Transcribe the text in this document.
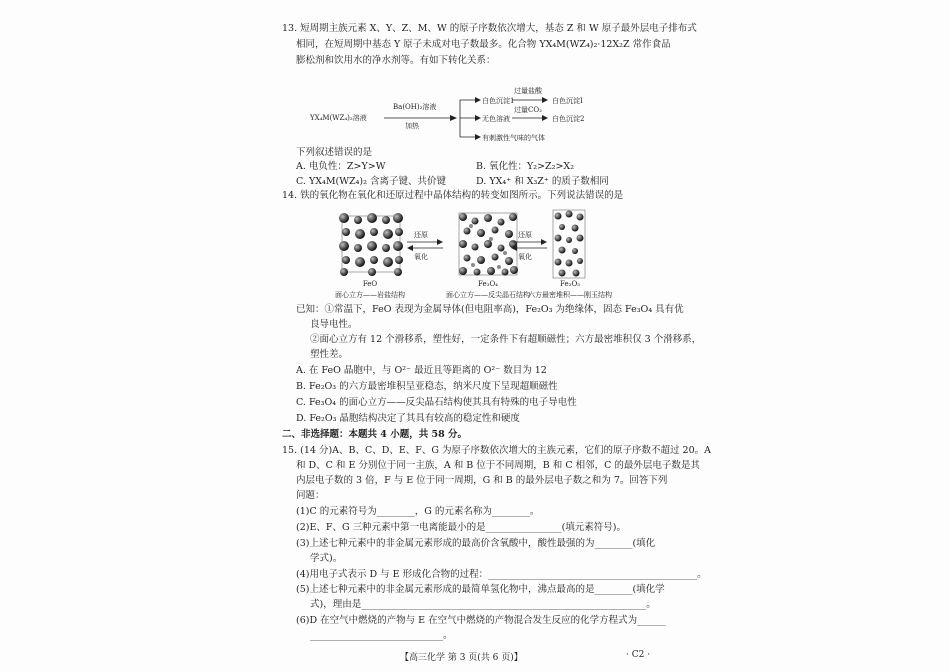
13. 短周期主族元素 X、Y、Z、M、W 的原子序数依次增大，基态 Z 和 W 原子最外层电子排布式
相同，在短周期中基态 Y 原子未成对电子数最多。化合物 YX₄M(WZ₄)₂·12X₂Z 常作食品
膨松剂和饮用水的净水剂等。有如下转化关系：
YX₄M(WZ₄)₂溶液
Ba(OH)₂溶液
加热
白色沉淀1
无色溶液
有刺激性气味的气体
过量盐酸
过量CO₂
白色沉淀Ⅰ
白色沉淀2
下列叙述错误的是
A. 电负性：Z>Y>W	B. 氧化性：Y₂>Z₂>X₂
C. YX₄M(WZ₄)₂ 含离子键、共价键	D. YX₄⁺ 和 X₃Z⁺ 的质子数相同
14. 铁的氧化物在氧化和还原过程中晶体结构的转变如图所示。下列说法错误的是
还原
氧化
还原
氧化
FeO
面心立方——岩盐结构
Fe₃O₄
面心立方——反尖晶石结构
Fe₂O₃
六方最密堆积——刚玉结构
已知：①常温下，FeO 表现为金属导体(但电阻率高)，Fe₂O₃ 为绝缘体，固态 Fe₃O₄ 具有优
良导电性。
②面心立方有 12 个滑移系，塑性好，一定条件下有超顺磁性；六方最密堆积仅 3 个滑移系，
塑性差。
A. 在 FeO 晶胞中，与 O²⁻ 最近且等距离的 O²⁻ 数目为 12
B. Fe₂O₃ 的六方最密堆积呈亚稳态，纳米尺度下呈现超顺磁性
C. Fe₃O₄ 的面心立方——反尖晶石结构使其具有特殊的电子导电性
D. Fe₂O₃ 晶胞结构决定了其具有较高的稳定性和硬度
二、非选择题：本题共 4 小题，共 58 分。
15. (14 分)A、B、C、D、E、F、G 为原子序数依次增大的主族元素，它们的原子序数不超过 20。A
和 D、C 和 E 分别位于同一主族，A 和 B 位于不同周期，B 和 C 相邻，C 的最外层电子数是其
内层电子数的 3 倍，F 与 E 位于同一周期，G 和 B 的最外层电子数之和为 7。回答下列
问题：
(1)C 的元素符号为________，G 的元素名称为________。
(2)E、F、G 三种元素中第一电离能最小的是________________(填元素符号)。
(3)上述七种元素中的非金属元素形成的最高价含氧酸中，酸性最强的为________(填化
学式)。
(4)用电子式表示 D 与 E 形成化合物的过程：____________________________________________。
(5)上述七种元素中的非金属元素形成的最简单氢化物中，沸点最高的是________(填化学
式)，理由是____________________________________________________________。
(6)D 在空气中燃烧的产物与 E 在空气中燃烧的产物混合发生反应的化学方程式为______
____________________________。
【高三化学 第 3 页(共 6 页)】	· C2 ·
